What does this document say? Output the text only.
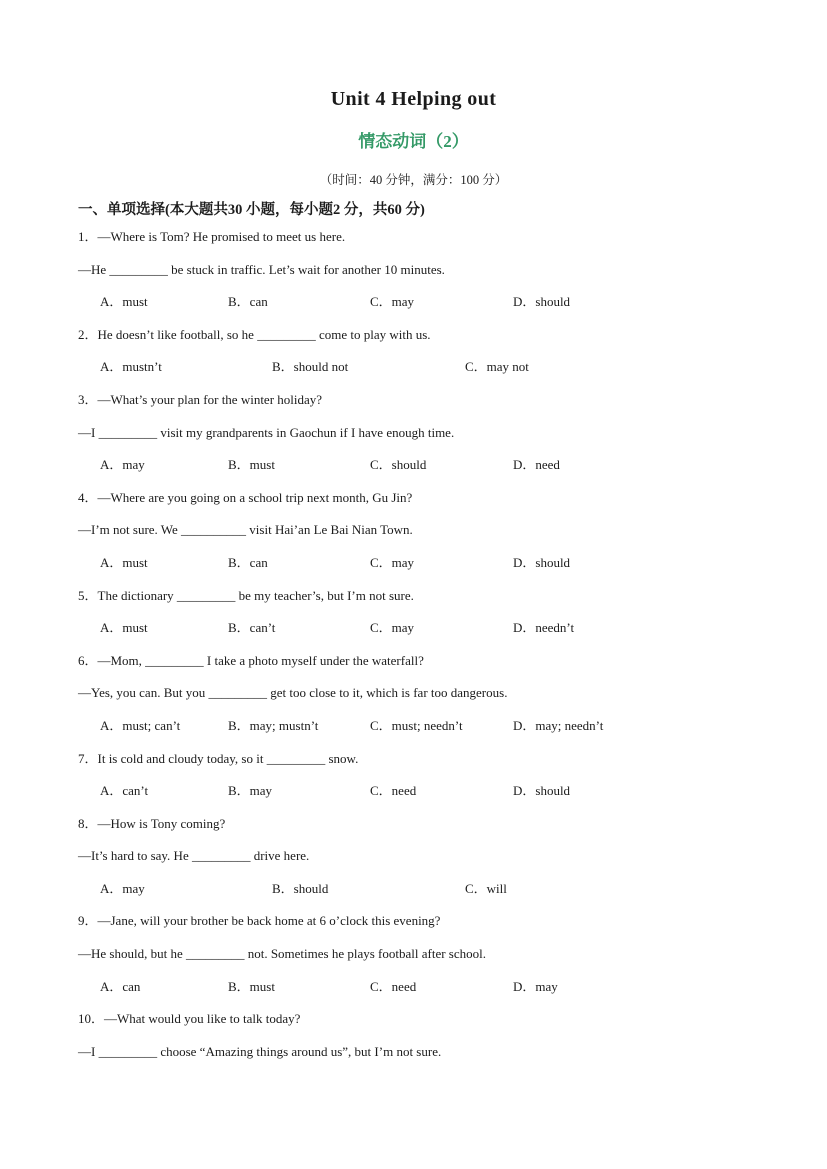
Unit 4 Helping out
情态动词（2）
（时间：40 分钟，满分：100 分）
一、单项选择(本大题共30 小题，每小题2 分，共60 分)
1．—Where is Tom? He promised to meet us here.
—He _________ be stuck in traffic. Let’s wait for another 10 minutes.
A．must	B．can	C．may	D．should
2．He doesn’t like football, so he _________ come to play with us.
A．mustn’t	B．should not	C．may not
3．—What’s your plan for the winter holiday?
—I _________ visit my grandparents in Gaochun if I have enough time.
A．may	B．must	C．should	D．need
4．—Where are you going on a school trip next month, Gu Jin?
—I’m not sure. We __________ visit Hai’an Le Bai Nian Town.
A．must	B．can	C．may	D．should
5．The dictionary _________ be my teacher’s, but I’m not sure.
A．must	B．can’t	C．may	D．needn’t
6．—Mom, _________ I take a photo myself under the waterfall?
—Yes, you can. But you _________ get too close to it, which is far too dangerous.
A．must; can’t	B．may; mustn’t	C．must; needn’t	D．may; needn’t
7．It is cold and cloudy today, so it _________ snow.
A．can’t	B．may	C．need	D．should
8．—How is Tony coming?
—It’s hard to say. He _________ drive here.
A．may	B．should	C．will
9．—Jane, will your brother be back home at 6 o’clock this evening?
—He should, but he _________ not. Sometimes he plays football after school.
A．can	B．must	C．need	D．may
10．—What would you like to talk today?
—I _________ choose “Amazing things around us”, but I’m not sure.
